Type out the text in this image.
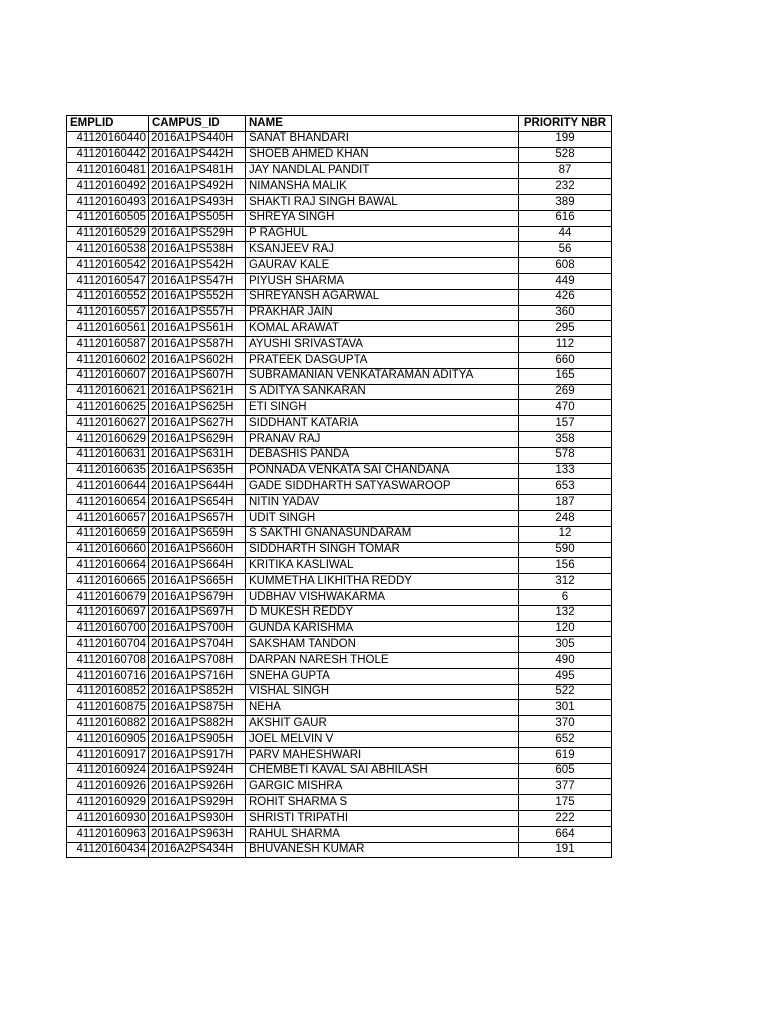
EMPLID	CAMPUS_ID	NAME	PRIORITY NBR
41120160440	2016A1PS440H	SANAT BHANDARI	199
41120160442	2016A1PS442H	SHOEB AHMED KHAN	528
41120160481	2016A1PS481H	JAY NANDLAL PANDIT	87
41120160492	2016A1PS492H	NIMANSHA MALIK	232
41120160493	2016A1PS493H	SHAKTI RAJ SINGH BAWAL	389
41120160505	2016A1PS505H	SHREYA SINGH	616
41120160529	2016A1PS529H	P RAGHUL	44
41120160538	2016A1PS538H	KSANJEEV RAJ	56
41120160542	2016A1PS542H	GAURAV KALE	608
41120160547	2016A1PS547H	PIYUSH SHARMA	449
41120160552	2016A1PS552H	SHREYANSH AGARWAL	426
41120160557	2016A1PS557H	PRAKHAR JAIN	360
41120160561	2016A1PS561H	KOMAL ARAWAT	295
41120160587	2016A1PS587H	AYUSHI SRIVASTAVA	112
41120160602	2016A1PS602H	PRATEEK DASGUPTA	660
41120160607	2016A1PS607H	SUBRAMANIAN VENKATARAMAN ADITYA	165
41120160621	2016A1PS621H	S ADITYA SANKARAN	269
41120160625	2016A1PS625H	ETI SINGH	470
41120160627	2016A1PS627H	SIDDHANT KATARIA	157
41120160629	2016A1PS629H	PRANAV RAJ	358
41120160631	2016A1PS631H	DEBASHIS PANDA	578
41120160635	2016A1PS635H	PONNADA VENKATA SAI CHANDANA	133
41120160644	2016A1PS644H	GADE SIDDHARTH SATYASWAROOP	653
41120160654	2016A1PS654H	NITIN YADAV	187
41120160657	2016A1PS657H	UDIT SINGH	248
41120160659	2016A1PS659H	S SAKTHI GNANASUNDARAM	12
41120160660	2016A1PS660H	SIDDHARTH SINGH TOMAR	590
41120160664	2016A1PS664H	KRITIKA KASLIWAL	156
41120160665	2016A1PS665H	KUMMETHA LIKHITHA REDDY	312
41120160679	2016A1PS679H	UDBHAV VISHWAKARMA	6
41120160697	2016A1PS697H	D MUKESH REDDY	132
41120160700	2016A1PS700H	GUNDA KARISHMA	120
41120160704	2016A1PS704H	SAKSHAM TANDON	305
41120160708	2016A1PS708H	DARPAN NARESH THOLE	490
41120160716	2016A1PS716H	SNEHA GUPTA	495
41120160852	2016A1PS852H	VISHAL SINGH	522
41120160875	2016A1PS875H	NEHA	301
41120160882	2016A1PS882H	AKSHIT GAUR	370
41120160905	2016A1PS905H	JOEL MELVIN V	652
41120160917	2016A1PS917H	PARV MAHESHWARI	619
41120160924	2016A1PS924H	CHEMBETI KAVAL SAI ABHILASH	605
41120160926	2016A1PS926H	GARGIC MISHRA	377
41120160929	2016A1PS929H	ROHIT SHARMA S	175
41120160930	2016A1PS930H	SHRISTI TRIPATHI	222
41120160963	2016A1PS963H	RAHUL SHARMA	664
41120160434	2016A2PS434H	BHUVANESH KUMAR	191
